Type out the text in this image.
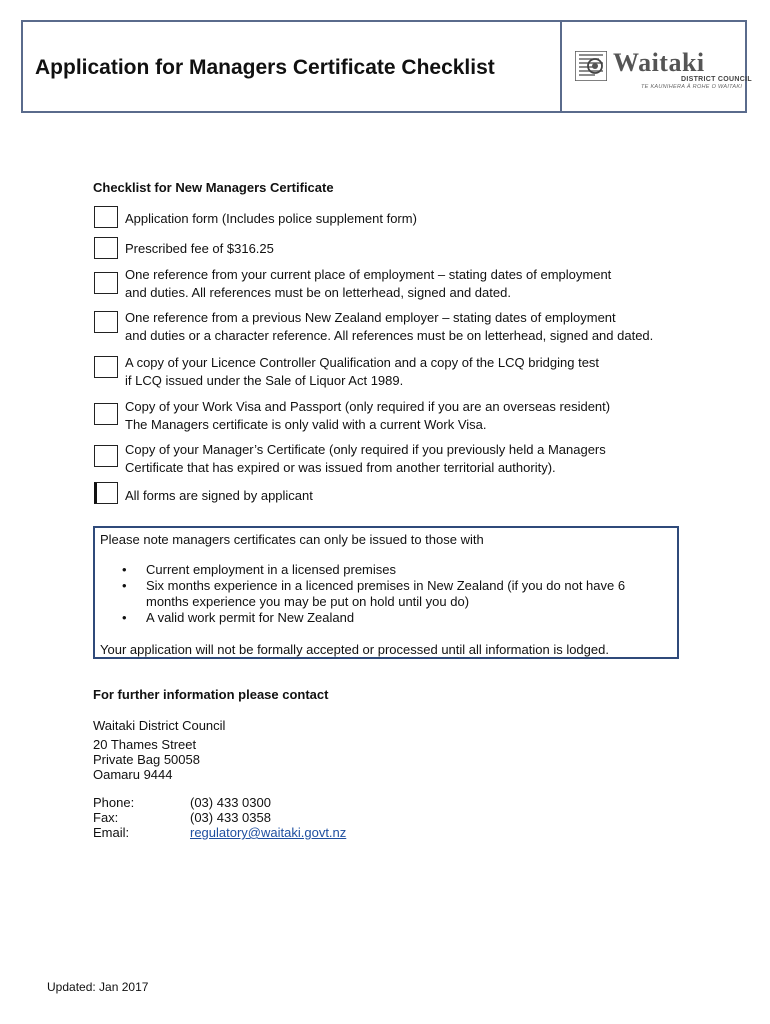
Application for Managers Certificate Checklist	Waitaki
DISTRICT COUNCIL
TE KAUNIHERA Ā ROHE O WAITAKI
Checklist for New Managers Certificate
Application form (Includes police supplement form)
Prescribed fee of $316.25
One reference from your current place of employment – stating dates of employment
and duties. All references must be on letterhead, signed and dated.
One reference from a previous New Zealand employer – stating dates of employment
and duties or a character reference. All references must be on letterhead, signed and dated.
A copy of your Licence Controller Qualification and a copy of the LCQ bridging test
if LCQ issued under the Sale of Liquor Act 1989.
Copy of your Work Visa and Passport (only required if you are an overseas resident)
The Managers certificate is only valid with a current Work Visa.
Copy of your Manager’s Certificate (only required if you previously held a Managers
Certificate that has expired or was issued from another territorial authority).
All forms are signed by applicant
Please note managers certificates can only be issued to those with
• Current employment in a licensed premises
• Six months experience in a licenced premises in New Zealand (if you do not have 6
months experience you may be put on hold until you do)
• A valid work permit for New Zealand
Your application will not be formally accepted or processed until all information is lodged.
For further information please contact
Waitaki District Council
20 Thames Street
Private Bag 50058
Oamaru 9444
Phone:	(03) 433 0300
Fax:	(03) 433 0358
Email:	regulatory@waitaki.govt.nz
Updated: Jan 2017
